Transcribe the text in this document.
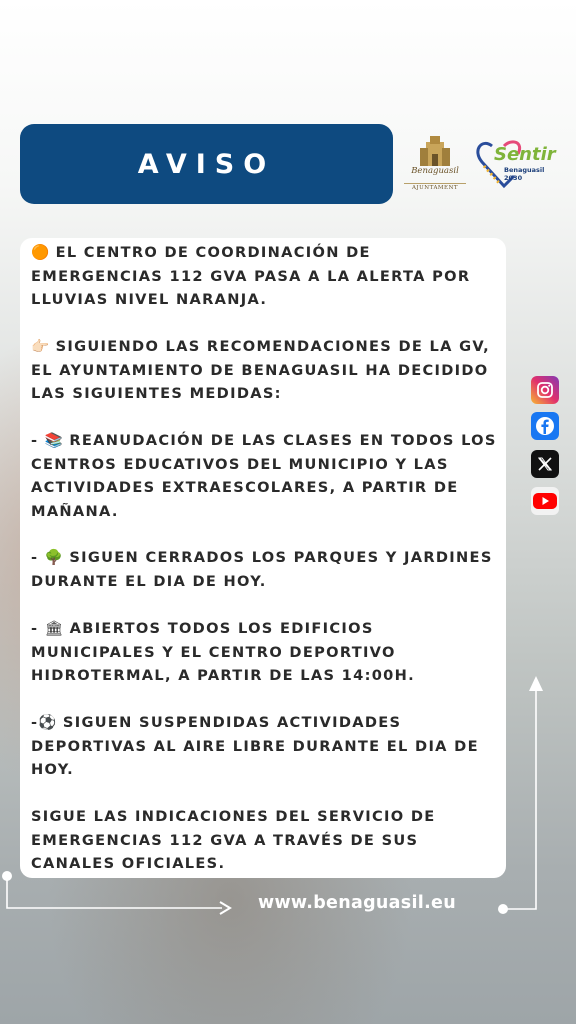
AVISO	Benaguasil
AJUNTAMENT
Sentir
Benaguasil 2030

🟠 EL CENTRO DE COORDINACIÓN DE EMERGENCIAS 112 GVA PASA A LA ALERTA POR LLUVIAS NIVEL NARANJA.

👉🏻 SIGUIENDO LAS RECOMENDACIONES DE LA GV, EL AYUNTAMIENTO DE BENAGUASIL HA DECIDIDO LAS SIGUIENTES MEDIDAS:

- 📚 REANUDACIÓN DE LAS CLASES EN TODOS LOS CENTROS EDUCATIVOS DEL MUNICIPIO Y LAS ACTIVIDADES EXTRAESCOLARES, A PARTIR DE MAÑANA.

- 🌳 SIGUEN CERRADOS LOS PARQUES Y JARDINES DURANTE EL DIA DE HOY.

- 🏛 ABIERTOS TODOS LOS EDIFICIOS MUNICIPALES Y EL CENTRO DEPORTIVO HIDROTERMAL, A PARTIR DE LAS 14:00H.

-⚽ SIGUEN SUSPENDIDAS ACTIVIDADES DEPORTIVAS AL AIRE LIBRE DURANTE EL DIA DE HOY.

SIGUE LAS INDICACIONES DEL SERVICIO DE EMERGENCIAS 112 GVA A TRAVÉS DE SUS CANALES OFICIALES.

www.benaguasil.eu
